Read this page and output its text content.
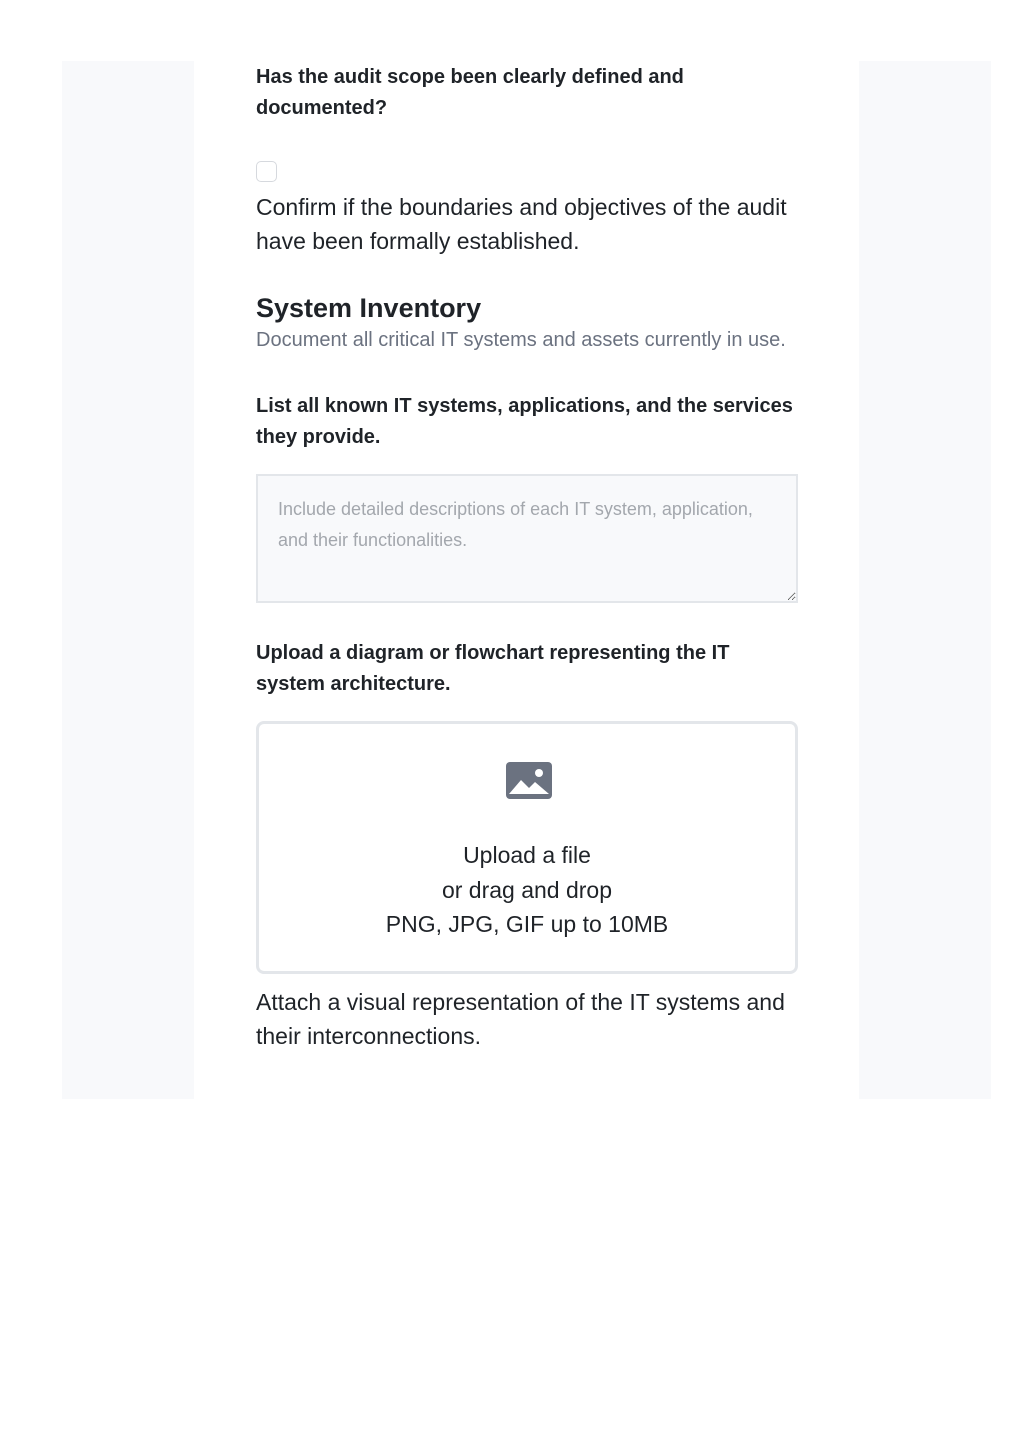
Has the audit scope been clearly defined and documented?

Confirm if the boundaries and objectives of the audit have been formally established.

System Inventory

Document all critical IT systems and assets currently in use.

List all known IT systems, applications, and the services they provide.

Include detailed descriptions of each IT system, application, and their functionalities.

Upload a diagram or flowchart representing the IT system architecture.

Upload a file
or drag and drop
PNG, JPG, GIF up to 10MB

Attach a visual representation of the IT systems and their interconnections.
